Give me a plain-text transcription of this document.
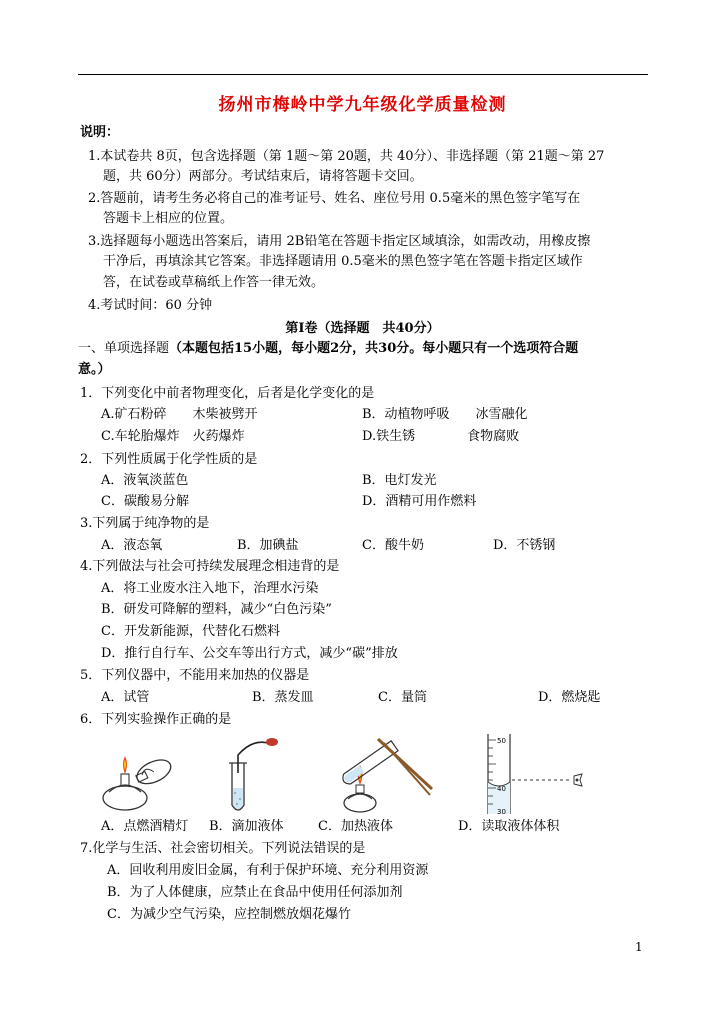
扬州市梅岭中学九年级化学质量检测
说明：
1.本试卷共 8页，包含选择题（第 1题～第 20题，共 40分）、非选择题（第 21题～第 27
题，共 60分）两部分。考试结束后，请将答题卡交回。
2.答题前，请考生务必将自己的准考证号、姓名、座位号用 0.5毫米的黑色签字笔写在
答题卡上相应的位置。
3.选择题每小题选出答案后，请用 2B铅笔在答题卡指定区域填涂，如需改动，用橡皮擦
干净后，再填涂其它答案。非选择题请用 0.5毫米的黑色签字笔在答题卡指定区域作
答，在试卷或草稿纸上作答一律无效。
4.考试时间：60 分钟
第Ⅰ卷（选择题　共40分）
一、单项选择题（本题包括15小题，每小题2分，共30分。每小题只有一个选项符合题
意。）
1．下列变化中前者物理变化，后者是化学变化的是
A.矿石粉碎　　木柴被劈开	B．动植物呼吸　　冰雪融化
C.车轮胎爆炸　火药爆炸	D.铁生锈　　　　食物腐败
2．下列性质属于化学性质的是
A．液氧淡蓝色	B．电灯发光
C．碳酸易分解	D．酒精可用作燃料
3.下列属于纯净物的是
A．液态氧	B．加碘盐	C．酸牛奶	D．不锈钢
4.下列做法与社会可持续发展理念相违背的是
A．将工业废水注入地下，治理水污染
B．研发可降解的塑料，减少“白色污染”
C．开发新能源，代替化石燃料
D．推行自行车、公交车等出行方式，减少“碳”排放
5．下列仪器中，不能用来加热的仪器是
A．试管	B．蒸发皿	C．量筒	D．燃烧匙
6．下列实验操作正确的是
50
40
30
A．点燃酒精灯 B．滴加液体	C．加热液体	D．读取液体体积
7.化学与生活、社会密切相关。下列说法错误的是
A．回收利用废旧金属，有利于保护环境、充分利用资源
B．为了人体健康，应禁止在食品中使用任何添加剂
C．为减少空气污染，应控制燃放烟花爆竹
1
